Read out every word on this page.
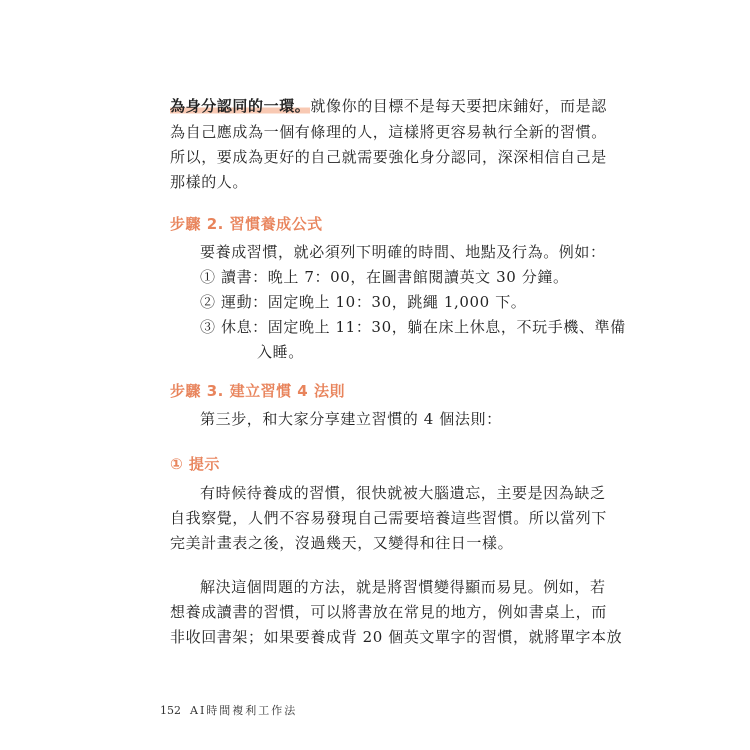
為身分認同的一環。就像你的目標不是每天要把床鋪好，而是認
為自己應成為一個有條理的人，這樣將更容易執行全新的習慣。
所以，要成為更好的自己就需要強化身分認同，深深相信自己是
那樣的人。
步驟 2. 習慣養成公式
要養成習慣，就必須列下明確的時間、地點及行為。例如：
① 讀書：晚上 7：00，在圖書館閱讀英文 30 分鐘。
② 運動：固定晚上 10：30，跳繩 1,000 下。
③ 休息：固定晚上 11：30，躺在床上休息，不玩手機、準備
入睡。
步驟 3. 建立習慣 4 法則
第三步，和大家分享建立習慣的 4 個法則：
① 提示
有時候待養成的習慣，很快就被大腦遺忘，主要是因為缺乏
自我察覺，人們不容易發現自己需要培養這些習慣。所以當列下
完美計畫表之後，沒過幾天，又變得和往日一樣。
解決這個問題的方法，就是將習慣變得顯而易見。例如，若
想養成讀書的習慣，可以將書放在常見的地方，例如書桌上，而
非收回書架；如果要養成背 20 個英文單字的習慣，就將單字本放
152 AI時間複利工作法
